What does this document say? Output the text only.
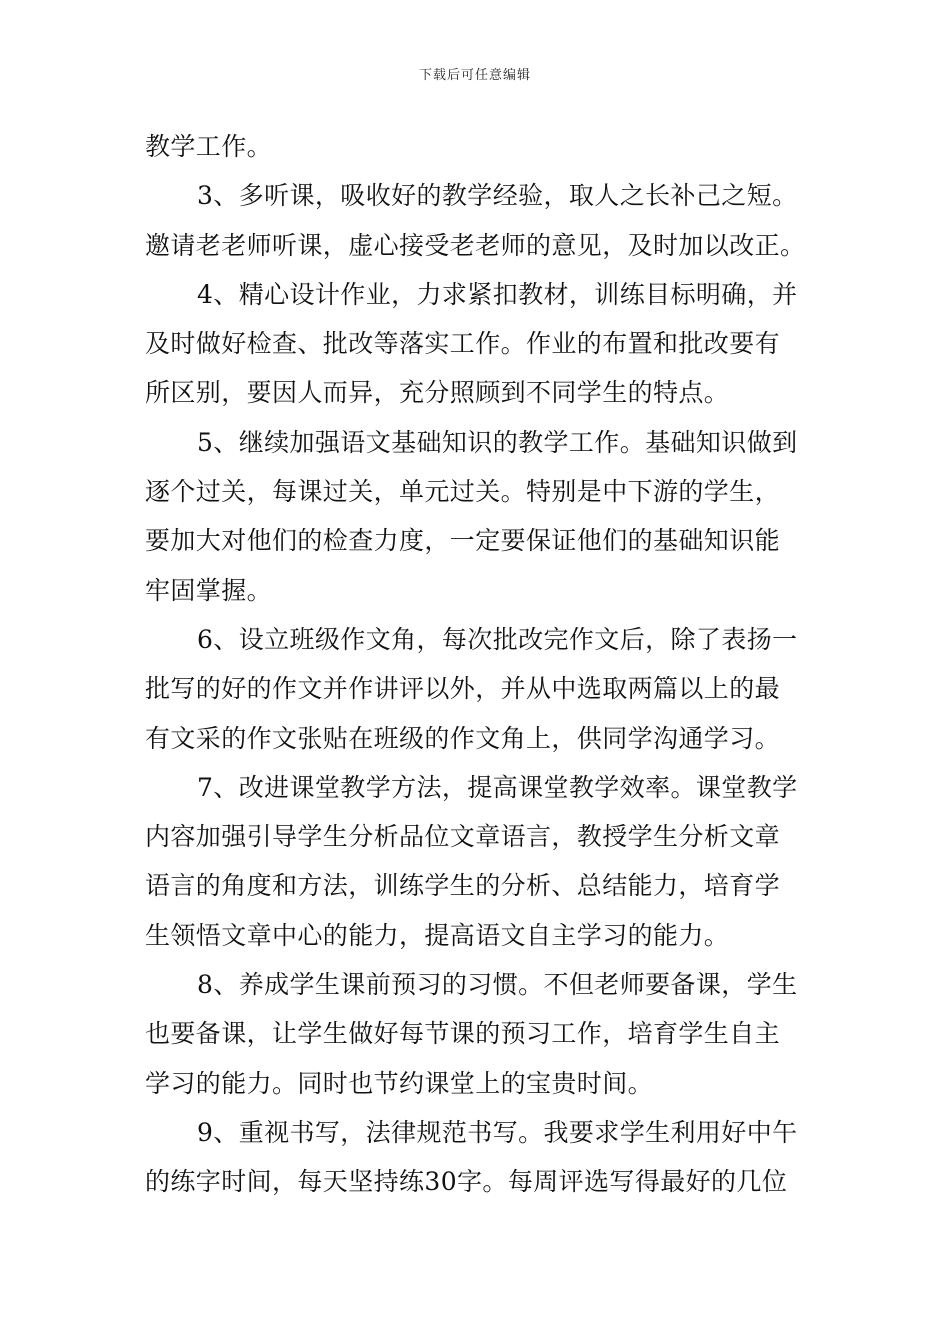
下载后可任意编辑
教学工作。
3、多听课，吸收好的教学经验，取人之长补己之短。
邀请老老师听课，虚心接受老老师的意见，及时加以改正。
4、精心设计作业，力求紧扣教材，训练目标明确，并
及时做好检查、批改等落实工作。作业的布置和批改要有
所区别，要因人而异，充分照顾到不同学生的特点。
5、继续加强语文基础知识的教学工作。基础知识做到
逐个过关，每课过关，单元过关。特别是中下游的学生，
要加大对他们的检查力度，一定要保证他们的基础知识能
牢固掌握。
6、设立班级作文角，每次批改完作文后，除了表扬一
批写的好的作文并作讲评以外，并从中选取两篇以上的最
有文采的作文张贴在班级的作文角上，供同学沟通学习。
7、改进课堂教学方法，提高课堂教学效率。课堂教学
内容加强引导学生分析品位文章语言，教授学生分析文章
语言的角度和方法，训练学生的分析、总结能力，培育学
生领悟文章中心的能力，提高语文自主学习的能力。
8、养成学生课前预习的习惯。不但老师要备课，学生
也要备课，让学生做好每节课的预习工作，培育学生自主
学习的能力。同时也节约课堂上的宝贵时间。
9、重视书写，法律规范书写。我要求学生利用好中午
的练字时间，每天坚持练30字。每周评选写得最好的几位
